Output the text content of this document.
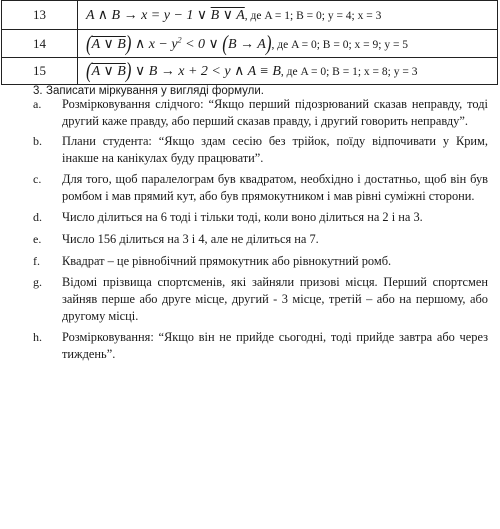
13	A ∧ B → x = y − 1 ∨ B ∨ A, де A = 1; B = 0; y = 4; x = 3
14	(A ∨ B) ∧ $x - y^2 < 0$ ∨ (B → A), де A = 0; B = 0; x = 9; y = 5
15	(A ∨ B) ∨ B → x + 2 < y ∧ A ≡ B, де A = 0; B = 1; x = 8; y = 3
3. Записати міркування у вигляді формули.
a. Розмірковування слідчого: “Якщо перший підозрюваний сказав неправду, тоді другий каже правду, або перший сказав правду, і другий говорить неправду”.
b. Плани студента: “Якщо здам сесію без трійок, поїду відпочивати у Крим, інакше на канікулах буду працювати”.
c. Для того, щоб паралелограм був квадратом, необхідно і достатньо, щоб він був ромбом і мав прямий кут, або був прямокутником і мав рівні суміжні сторони.
d. Число ділиться на 6 тоді і тільки тоді, коли воно ділиться на 2 і на 3.
e. Число 156 ділиться на 3 і 4, але не ділиться на 7.
f. Квадрат – це рівнобічний прямокутник або рівнокутний ромб.
g. Відомі прізвища спортсменів, які зайняли призові місця. Перший спортсмен зайняв перше або друге місце, другий - 3 місце, третій – або на першому, або другому місці.
h. Розмірковування: “Якщо він не прийде сьогодні, тоді прийде завтра або через тиждень”.
